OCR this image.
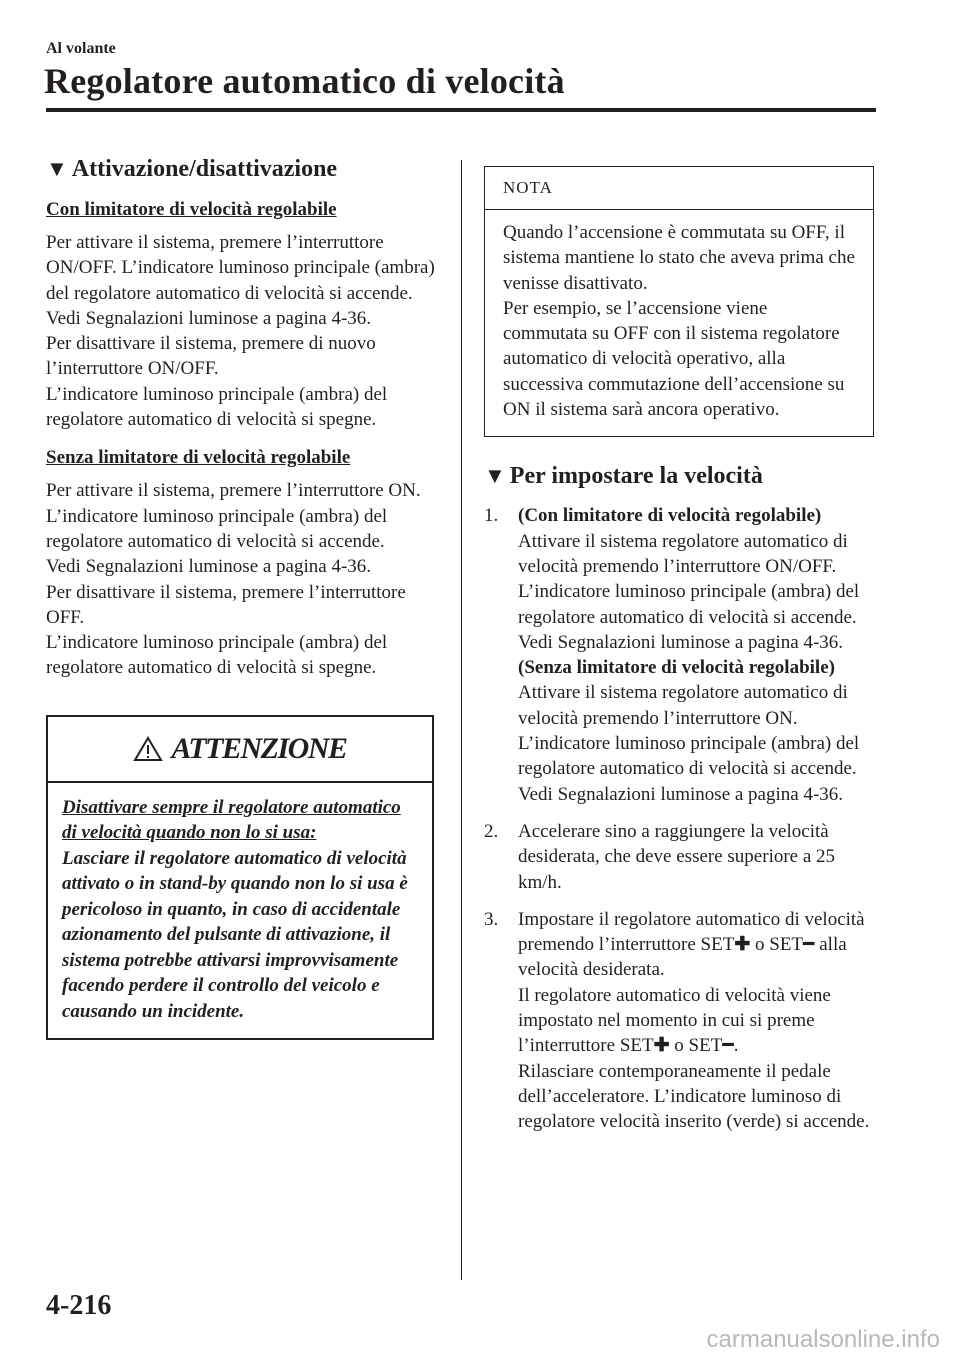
Al volante
Regolatore automatico di velocità
▼ Attivazione/disattivazione
Con limitatore di velocità regolabile

Per attivare il sistema, premere l’interruttore ON/OFF. L’indicatore luminoso principale (ambra) del regolatore automatico di velocità si accende.
Vedi Segnalazioni luminose a pagina 4-36.
Per disattivare il sistema, premere di nuovo l’interruttore ON/OFF.
L’indicatore luminoso principale (ambra) del regolatore automatico di velocità si spegne.

Senza limitatore di velocità regolabile

Per attivare il sistema, premere l’interruttore ON. L’indicatore luminoso principale (ambra) del regolatore automatico di velocità si accende.
Vedi Segnalazioni luminose a pagina 4-36.
Per disattivare il sistema, premere l’interruttore OFF.
L’indicatore luminoso principale (ambra) del regolatore automatico di velocità si spegne.

ATTENZIONE
Disattivare sempre il regolatore automatico di velocità quando non lo si usa:
Lasciare il regolatore automatico di velocità attivato o in stand-by quando non lo si usa è pericoloso in quanto, in caso di accidentale azionamento del pulsante di attivazione, il sistema potrebbe attivarsi improvvisamente facendo perdere il controllo del veicolo e causando un incidente.
NOTA
Quando l’accensione è commutata su OFF, il sistema mantiene lo stato che aveva prima che venisse disattivato.
Per esempio, se l’accensione viene commutata su OFF con il sistema regolatore automatico di velocità operativo, alla successiva commutazione dell’accensione su ON il sistema sarà ancora operativo.
▼ Per impostare la velocità
1.	(Con limitatore di velocità regolabile)
Attivare il sistema regolatore automatico di velocità premendo l’interruttore ON/OFF.
L’indicatore luminoso principale (ambra) del regolatore automatico di velocità si accende.
Vedi Segnalazioni luminose a pagina 4-36.
(Senza limitatore di velocità regolabile)
Attivare il sistema regolatore automatico di velocità premendo l’interruttore ON.
L’indicatore luminoso principale (ambra) del regolatore automatico di velocità si accende. Vedi Segnalazioni luminose a pagina 4-36.
2.	Accelerare sino a raggiungere la velocità desiderata, che deve essere superiore a 25 km/h.
3.	Impostare il regolatore automatico di velocità premendo l’interruttore SET✚ o SET━ alla velocità desiderata.
Il regolatore automatico di velocità viene impostato nel momento in cui si preme l’interruttore SET✚ o SET━.
Rilasciare contemporaneamente il pedale dell’acceleratore. L’indicatore luminoso di regolatore velocità inserito (verde) si accende.
4-216
carmanualsonline.info
